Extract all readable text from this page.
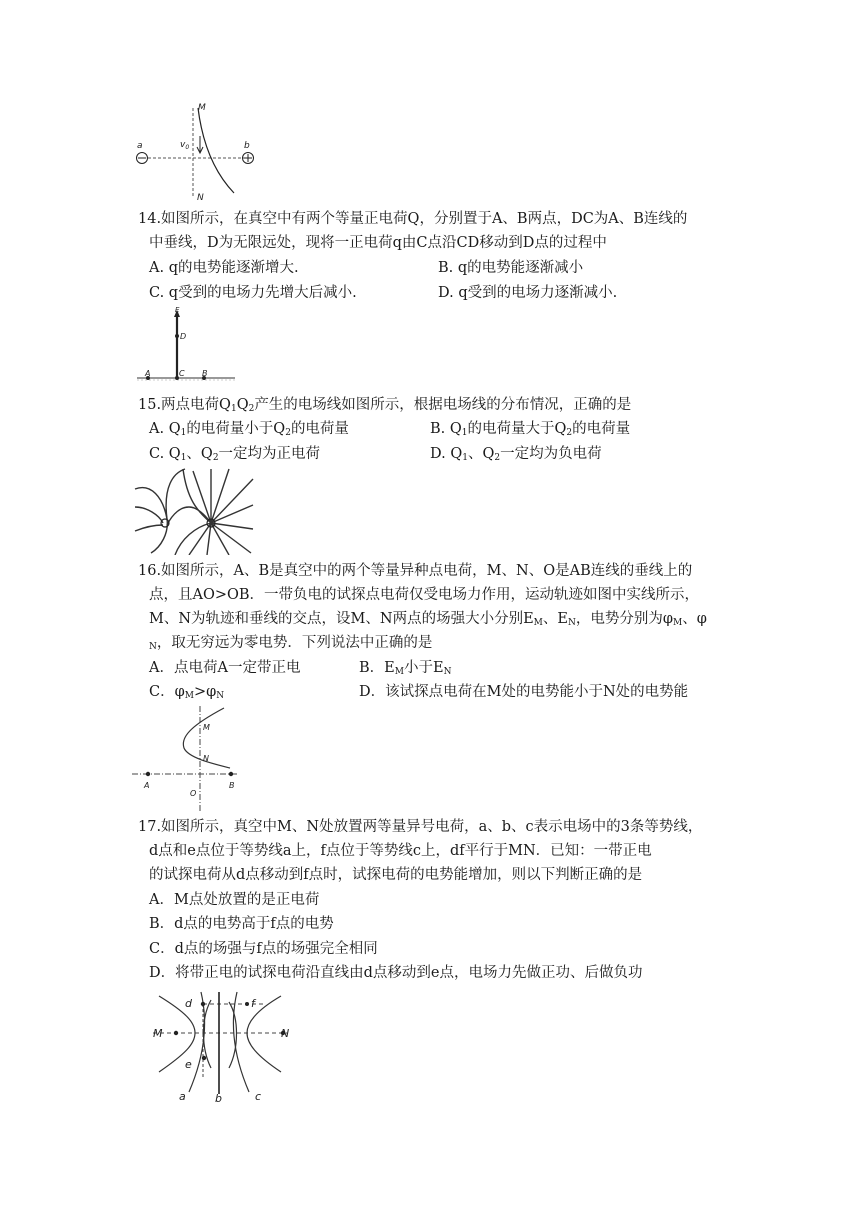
M
N
a	b
$v_0$
14.如图所示，在真空中有两个等量正电荷Q，分别置于A、B两点，DC为A、B连线的
中垂线，D为无限远处，现将一正电荷q由C点沿CD移动到D点的过程中
A. q的电势能逐渐增大.	B. q的电势能逐渐减小
C. q受到的电场力先增大后减小.	D. q受到的电场力逐渐减小.
E
D
A	C B
15.两点电荷$Q_1Q_2$产生的电场线如图所示，根据电场线的分布情况，正确的是
A. $Q_1$的电荷量小于$Q_2$的电荷量	B. $Q_1$的电荷量大于$Q_2$的电荷量
C. $Q_1$、$Q_2$一定均为正电荷	D. $Q_1$、$Q_2$一定均为负电荷
16.如图所示，A、B是真空中的两个等量异种点电荷，M、N、O是AB连线的垂线上的
点，且AO>OB．一带负电的试探点电荷仅受电场力作用，运动轨迹如图中实线所示，
M、N为轨迹和垂线的交点，设M、N两点的场强大小分别$E_M$、$E_N$，电势分别为$\varphi_M$、φ
$_N$，取无穷远为零电势．下列说法中正确的是
A．点电荷A一定带正电	B．$E_M$小于$E_N$
C．$\varphi_M>\varphi_N$	D．该试探点电荷在M处的电势能小于N处的电势能
M
N
A
O
B
17.如图所示，真空中M、N处放置两等量异号电荷，a、b、c表示电场中的3条等势线，
d点和e点位于等势线a上，f点位于等势线c上，df平行于MN．已知：一带正电
的试探电荷从d点移动到f点时，试探电荷的电势能增加，则以下判断正确的是
A．M点处放置的是正电荷
B．d点的电势高于f点的电势
C．d点的场强与f点的场强完全相同
D．将带正电的试探电荷沿直线由d点移动到e点，电场力先做正功、后做负功
d	f
M	N
e
a	b	c
